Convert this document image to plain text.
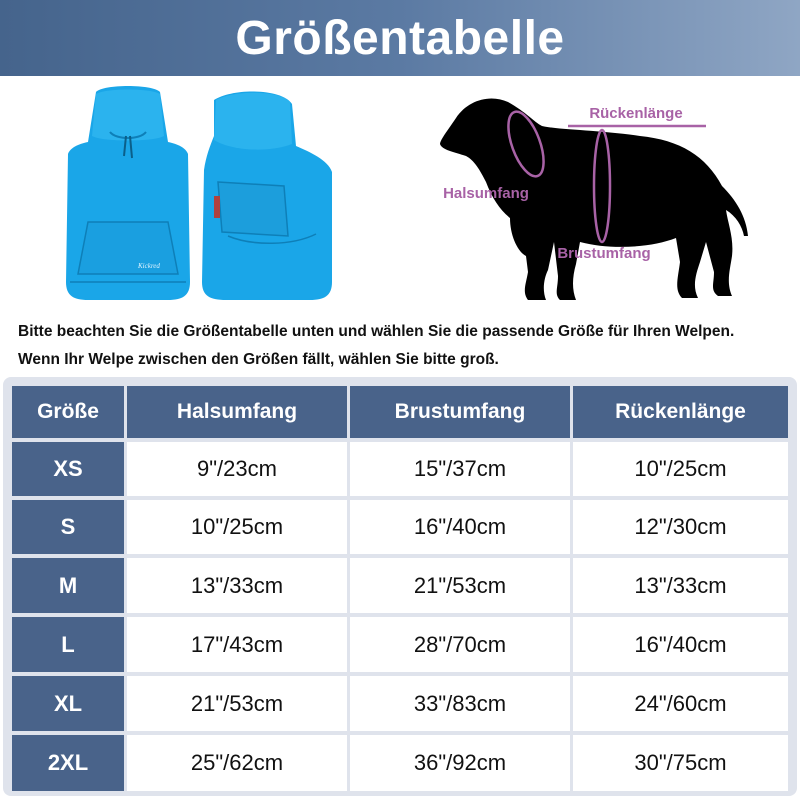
Größentabelle
Kickred
Rückenlänge
Halsumfang
Brustumfang

Bitte beachten Sie die Größentabelle unten und wählen Sie die passende Größe für Ihren Welpen.

Wenn Ihr Welpe zwischen den Größen fällt, wählen Sie bitte groß.

Größe	Halsumfang	Brustumfang	Rückenlänge
XS	9"/23cm	15"/37cm	10"/25cm
S	10"/25cm	16"/40cm	12"/30cm
M	13"/33cm	21"/53cm	13"/33cm
L	17"/43cm	28"/70cm	16"/40cm
XL	21"/53cm	33"/83cm	24"/60cm
2XL	25"/62cm	36"/92cm	30"/75cm
